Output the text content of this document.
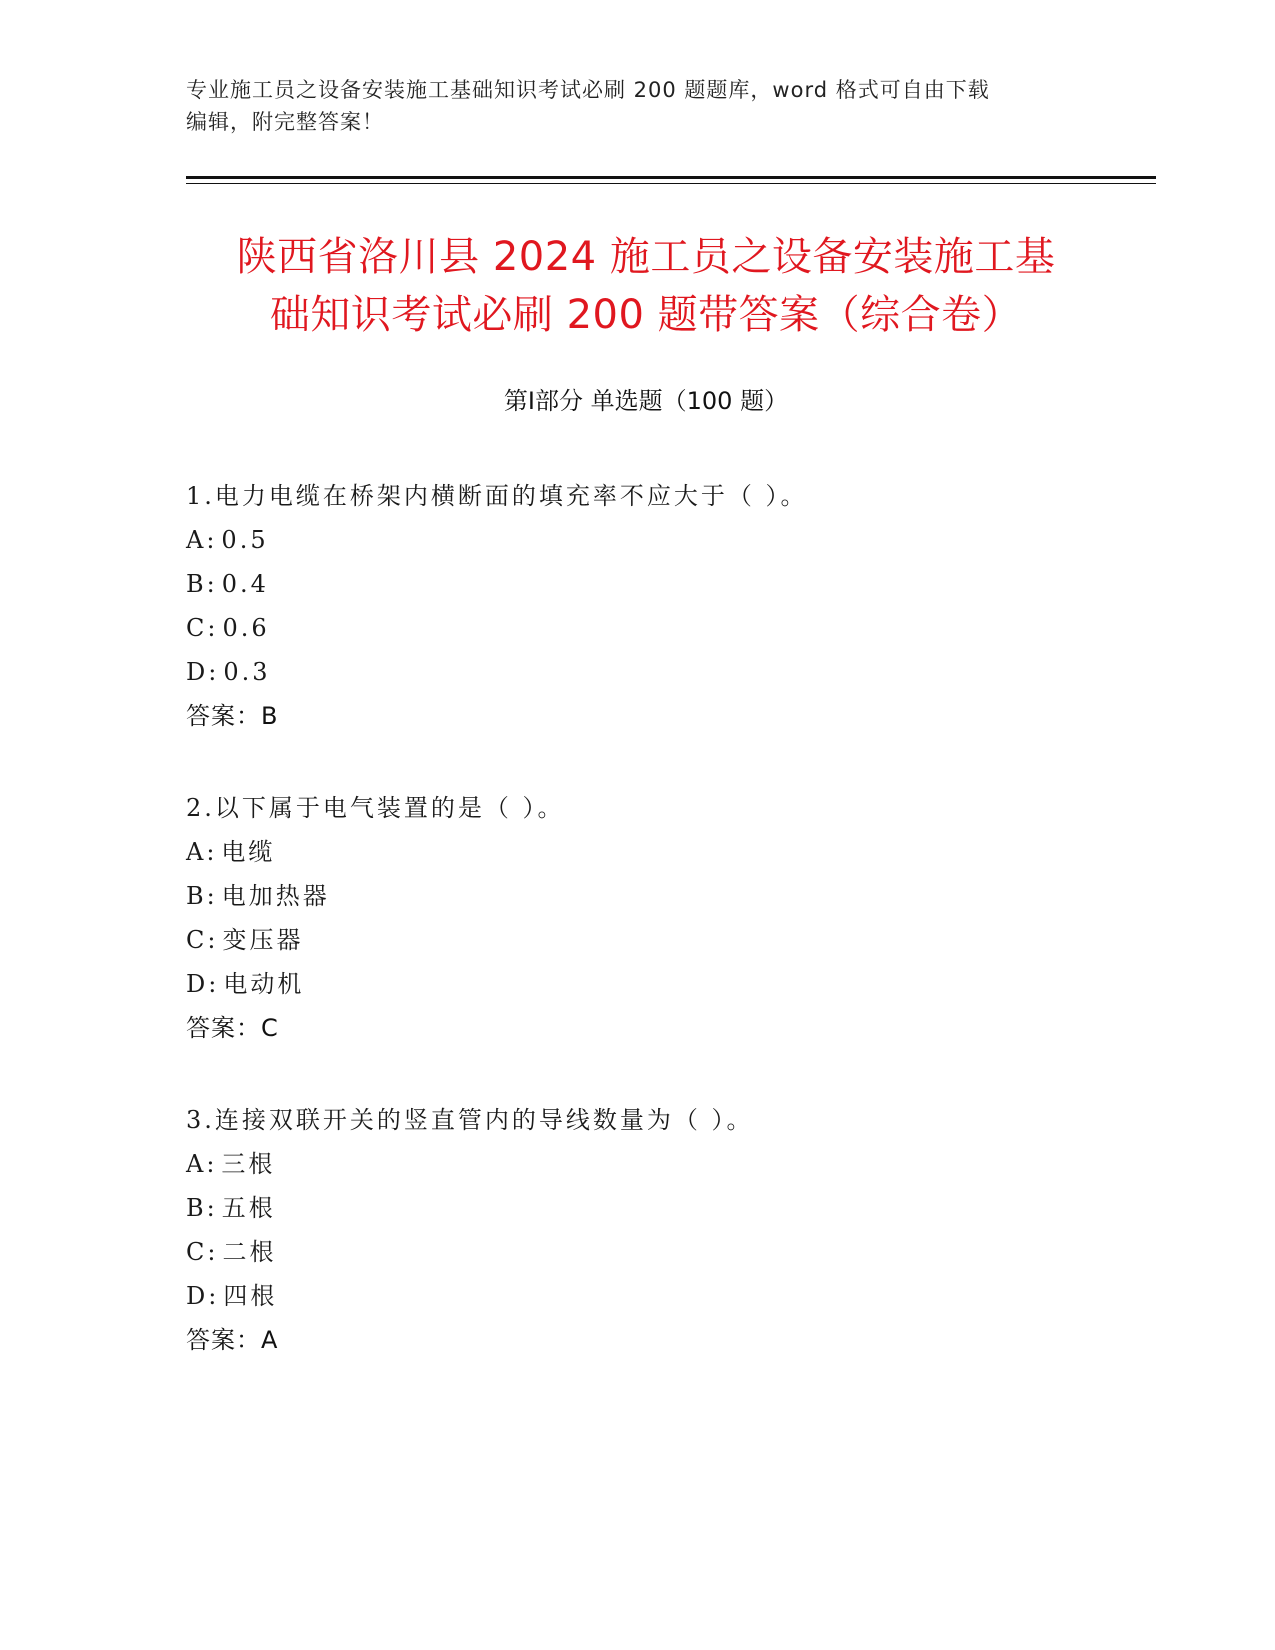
专业施工员之设备安装施工基础知识考试必刷 200 题题库，word 格式可自由下载
编辑，附完整答案！
陕西省洛川县 2024 施工员之设备安装施工基
础知识考试必刷 200 题带答案（综合卷）
第Ⅰ部分 单选题（100 题）
1.电力电缆在桥架内横断面的填充率不应大于（ ）。
A: 0.5
B: 0.4
C: 0.6
D: 0.3
答案：B
2.以下属于电气装置的是（ ）。
A: 电缆
B: 电加热器
C: 变压器
D: 电动机
答案：C
3.连接双联开关的竖直管内的导线数量为（ ）。
A: 三根
B: 五根
C: 二根
D: 四根
答案：A
